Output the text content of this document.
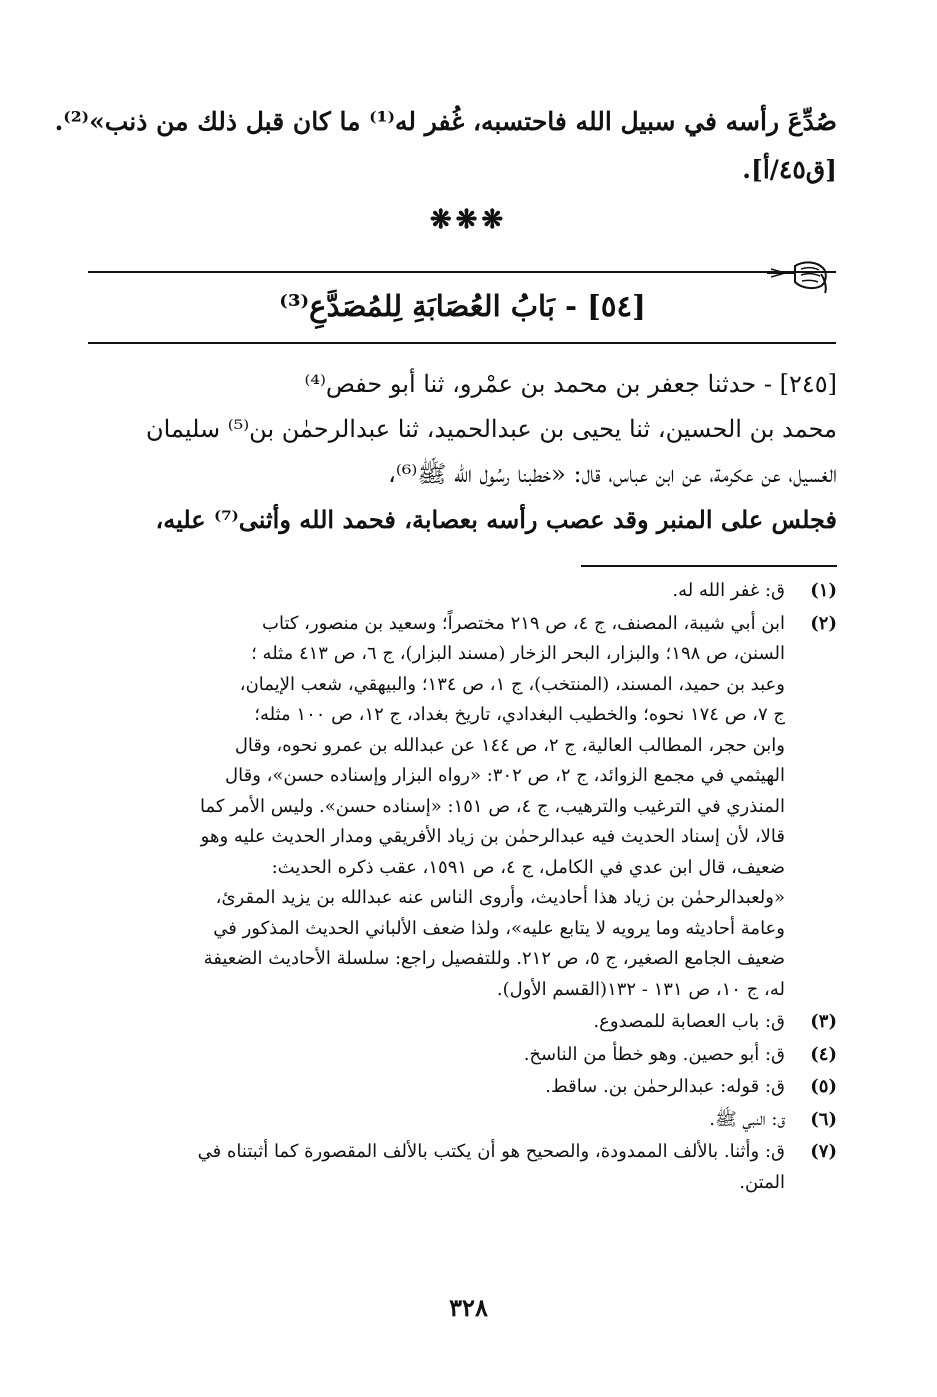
صُدِّعَ رأسه في سبيل الله فاحتسبه، غُفر له⁽¹⁾ ما كان قبل ذلك من ذنب»⁽²⁾.

[ق٤٥/أ].

❋❋❋
[٥٤] - بَابُ العُصَابَةِ لِلمُصَدَّعِ⁽³⁾

[٢٤٥] - حدثنا جعفر بن محمد بن عمْرو، ثنا أبو حفص⁽⁴⁾

محمد بن الحسين، ثنا يحيى بن عبدالحميد، ثنا عبدالرحمٰن بن⁽⁵⁾ سليمان

الغسيل، عن عكرمة، عن ابن عباس، قال: «خطبنا رسُول الله ﷺ⁽⁶⁾،

فجلس على المنبر وقد عصب رأسه بعصابة، فحمد الله وأثنى⁽⁷⁾ عليه،

(١)
ق: غفر الله له.
(٢)
ابن أبي شيبة، المصنف، ج ٤، ص ٢١٩ مختصراً؛ وسعيد بن منصور، كتاب
السنن، ص ١٩٨؛ والبزار، البحر الزخار (مسند البزار)، ج ٦، ص ٤١٣ مثله ؛
وعبد بن حميد، المسند، (المنتخب)، ج ١، ص ١٣٤؛ والبيهقي، شعب الإيمان،
ج ٧، ص ١٧٤ نحوه؛ والخطيب البغدادي، تاريخ بغداد، ج ١٢، ص ١٠٠ مثله؛
وابن حجر، المطالب العالية، ج ٢، ص ١٤٤ عن عبدالله بن عمرو نحوه، وقال
الهيثمي في مجمع الزوائد، ج ٢، ص ٣٠٢: «رواه البزار وإسناده حسن»، وقال
المنذري في الترغيب والترهيب، ج ٤، ص ١٥١: «إسناده حسن». وليس الأمر كما
قالا، لأن إسناد الحديث فيه عبدالرحمٰن بن زياد الأفريقي ومدار الحديث عليه وهو
ضعيف، قال ابن عدي في الكامل، ج ٤، ص ١٥٩١، عقب ذكره الحديث:
«ولعبدالرحمٰن بن زياد هذا أحاديث، وأروى الناس عنه عبدالله بن يزيد المقرئ،
وعامة أحاديثه وما يرويه لا يتابع عليه»، ولذا ضعف الألباني الحديث المذكور في
ضعيف الجامع الصغير، ج ٥، ص ٢١٢. وللتفصيل راجع: سلسلة الأحاديث الضعيفة
له، ج ١٠، ص ١٣١ - ١٣٢(القسم الأول).
(٣)
ق: باب العصابة للمصدوع.
(٤)
ق: أبو حصين. وهو خطأ من الناسخ.
(٥)
ق: قوله: عبدالرحمٰن بن. ساقط.
(٦)
ق: النبي ﷺ.
(٧)
ق: وأثنا. بالألف الممدودة، والصحيح هو أن يكتب بالألف المقصورة كما أثبتناه في
المتن.
٣٢٨
